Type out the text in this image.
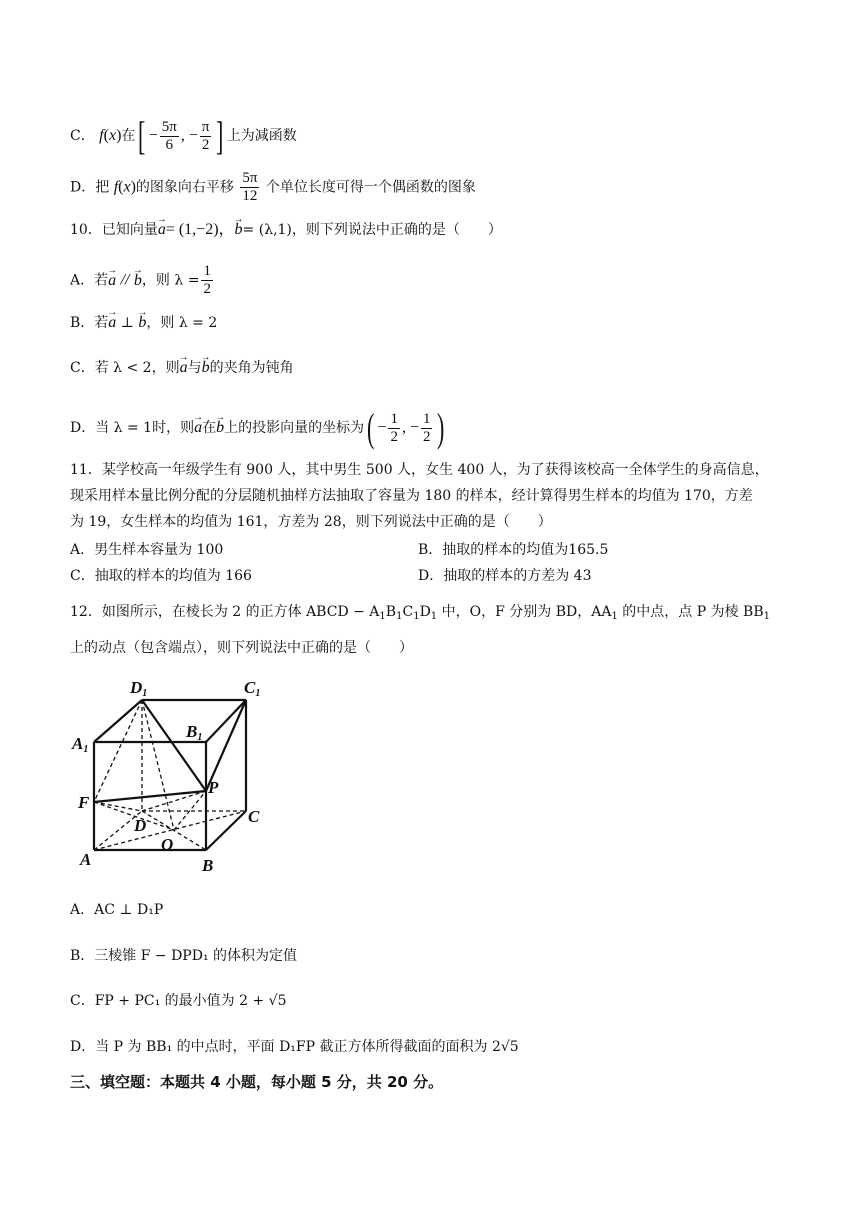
C． f(x)在[ − $\frac{5\pi}{6}$ , − $\frac{\pi}{2}$ ] 上为减函数
D．把 f(x)的图象向右平移 $\frac{5\pi}{12}$ 个单位长度可得一个偶函数的图象
10．已知向量→ a= (1,−2)，→ b= (λ,1)，则下列说法中正确的是（　　）
A．若→ a // → b，则 $\lambda = \frac{1}{2}$
B．若→ a ⊥ → b，则 λ = 2
C．若 λ < 2，则→ a与→ b的夹角为钝角
D．当 λ = 1时，则→ a在→ b上的投影向量的坐标为( − $\frac{1}{2}$ , − $\frac{1}{2}$ )
11．某学校高一年级学生有 900 人，其中男生 500 人，女生 400 人，为了获得该校高一全体学生的身高信息，
现采用样本量比例分配的分层随机抽样方法抽取了容量为 180 的样本，经计算得男生样本的均值为 170，方差
为 19，女生样本的均值为 161，方差为 28，则下列说法中正确的是（　　）
A．男生样本容量为 100	B．抽取的样本的均值为165.5
C．抽取的样本的均值为 166	D．抽取的样本的方差为 43
12．如图所示，在棱长为 2 的正方体 ABCD − $A_1B_1C_1D_1$ 中，O，F 分别为 BD，$AA_1$ 的中点，点 P 为棱 $BB_1$
上的动点（包含端点），则下列说法中正确的是（　　）
D1	C1
A1
B1
F
P
D	C
O
A	B
A．AC ⊥ D₁P
B．三棱锥 F − DPD₁ 的体积为定值
C．FP + PC₁ 的最小值为 2 + √5
D．当 P 为 BB₁ 的中点时，平面 D₁FP 截正方体所得截面的面积为 2√5
三、填空题：本题共 4 小题，每小题 5 分，共 20 分。
